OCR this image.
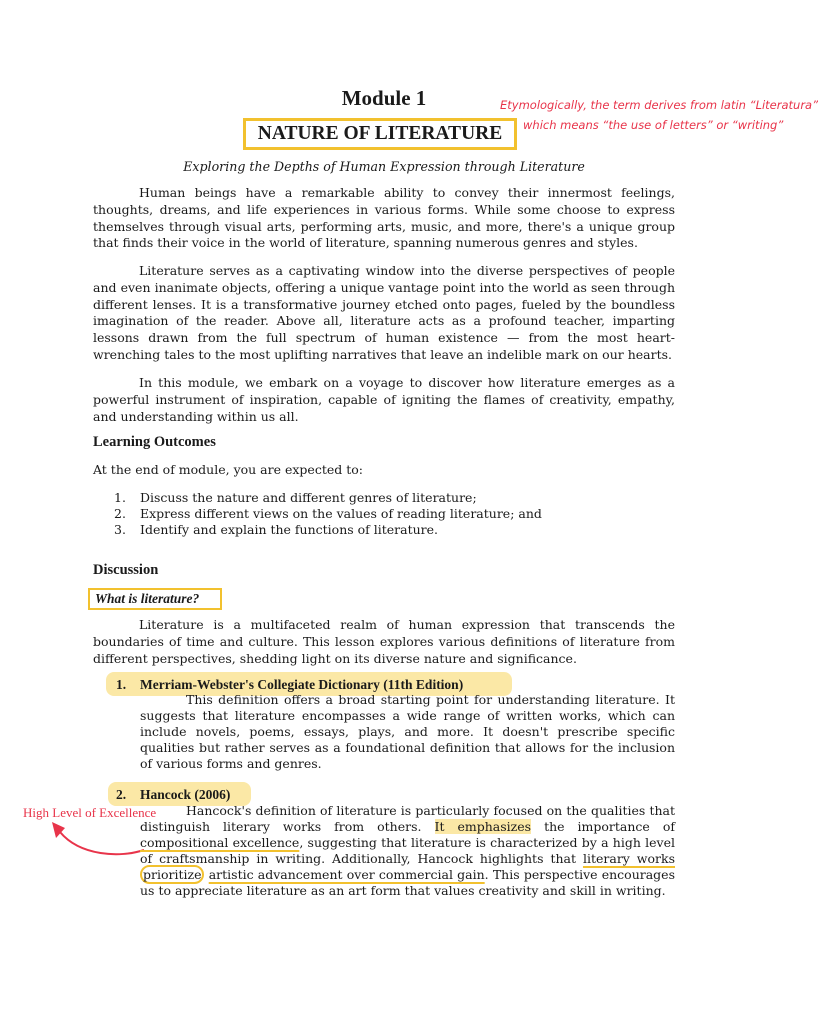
Module 1	Etymologically, the term derives from latin “Literatura”
which means “the use of letters” or “writing”
NATURE OF LITERATURE
Exploring the Depths of Human Expression through Literature

Human beings have a remarkable ability to convey their innermost feelings, thoughts, dreams, and life experiences in various forms. While some choose to express themselves through visual arts, performing arts, music, and more, there's a unique group that finds their voice in the world of literature, spanning numerous genres and styles.

Literature serves as a captivating window into the diverse perspectives of people and even inanimate objects, offering a unique vantage point into the world as seen through different lenses. It is a transformative journey etched onto pages, fueled by the boundless imagination of the reader. Above all, literature acts as a profound teacher, imparting lessons drawn from the full spectrum of human existence — from the most heart-wrenching tales to the most uplifting narratives that leave an indelible mark on our hearts.

In this module, we embark on a voyage to discover how literature emerges as a powerful instrument of inspiration, capable of igniting the flames of creativity, empathy, and understanding within us all.

Learning Outcomes
At the end of module, you are expected to:
1. Discuss the nature and different genres of literature;
2. Express different views on the values of reading literature; and
3. Identify and explain the functions of literature.
Discussion
What is literature?

Literature is a multifaceted realm of human expression that transcends the boundaries of time and culture. This lesson explores various definitions of literature from different perspectives, shedding light on its diverse nature and significance.

1. Merriam-Webster's Collegiate Dictionary (11th Edition)

This definition offers a broad starting point for understanding literature. It suggests that literature encompasses a wide range of written works, which can include novels, poems, essays, plays, and more. It doesn't prescribe specific qualities but rather serves as a foundational definition that allows for the inclusion of various forms and genres.

2. Hancock (2006)
High Level of Excellence	Hancock's definition of literature is particularly focused on the qualities that distinguish literary works from others. It emphasizes the importance of compositional excellence, suggesting that literature is characterized by a high level of craftsmanship in writing. Additionally, Hancock highlights that literary works prioritize artistic advancement over commercial gain. This perspective encourages us to appreciate literature as an art form that values creativity and skill in writing.
